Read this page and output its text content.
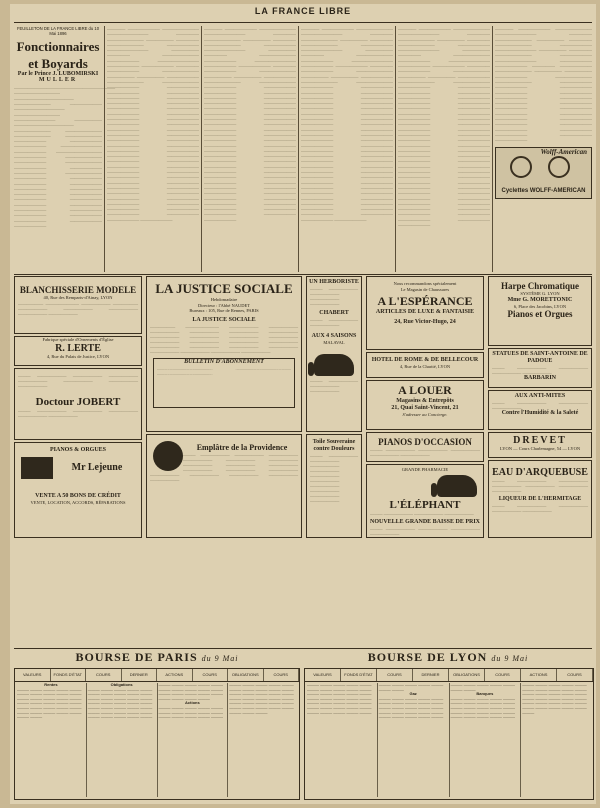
LA FRANCE LIBRE
FEUILLETON DE LA FRANCE LIBRE du 10 Mai 1896
Fonctionnaires
et Boyards
Par le Prince J. LUBOMIRSKI
MULLER
—————————————————————— —————————— ————————————— ———————— ——————— ——————————— —————————— ————————— —————— ————————————— ———————— ———————— ———————— ———————— ——————— ——————— ——————— ————————— ——————— —————————— ——————— ———————— ——————— ———————— ——————— ——————— ——————— ———————— ——————— ——————— ——————— ——————— ——————— ——————— ——————— ——————— ——————— ——————— ——————— ——————— ——————— ——————— ——————— ——————— ——————— ——————— ———————
———— ——————— ———————— ————————— ————— ———————— —————— ————— ———————— ——————— ————————— —————— ————— ———————— ——————— ————————— ——————— ——————— ————— ——————— ———————— —————— —————— ——————— ———————— ———————— ——————— ——————— ——————— ——————— ——————— ——————— ——————— ——————— ——————— ——————— ——————— ——————— ——————— ——————— ——————— ——————— ——————— ——————— ——————— ——————— ——————— ——————— ——————— ——————— ——————— ——————— ——————— ——————— ——————— ——————— ——————— ——————— ——————— ——————— ——————— ——————— ——————— ——————— ——————— ——————— ——————— ——————— ——————— ——————— ——————— ——————— ——————— ——————— ——————— ——————— ——————— ———————
———— ——————— ———————— ————————— ————— ———————— —————— ————— ———————— ——————— ————————— —————— ————— ———————— ——————— ————————— ——————— ——————— ————— ——————— ———————— —————— —————— ——————— ———————— ———————— ——————— ——————— ——————— ——————— ——————— ——————— ——————— ——————— ——————— ——————— ——————— ——————— ——————— ——————— ——————— ——————— ——————— ——————— ——————— ——————— ——————— ——————— ——————— ——————— ——————— ——————— ——————— ——————— ——————— ——————— ——————— ——————— ——————— ——————— ——————— ——————— ——————— ——————— ——————— ——————— ——————— ——————— ——————— ——————— ——————— ——————— ——————— ——————— ——————— ——————— ———————
———— ——————— ———————— ————————— ————— ———————— —————— ————— ———————— ——————— ————————— —————— ————— ———————— ——————— ————————— ——————— ——————— ————— ——————— ———————— —————— —————— ——————— ———————— ———————— ——————— ——————— ——————— ——————— ——————— ——————— ——————— ——————— ——————— ——————— ——————— ——————— ——————— ——————— ——————— ——————— ——————— ——————— ——————— ——————— ——————— ——————— ——————— ——————— ——————— ——————— ——————— ——————— ——————— ——————— ——————— ——————— ——————— ——————— ——————— ——————— ——————— ——————— ——————— ——————— ——————— ——————— ——————— ——————— ——————— ——————— ——————— ——————— ——————— ——————— ——————— ———————
———— ——————— ———————— ————————— ————— ———————— —————— ————— ———————— ——————— ————————— —————— ————— ———————— ——————— ————————— ——————— ——————— ————— ——————— ———————— —————— —————— ——————— ———————— ———————— ——————— ——————— ——————— ——————— ——————— ——————— ——————— ——————— ——————— ——————— ——————— ——————— ——————— ——————— ——————— ——————— ——————— ——————— ——————— ——————— ——————— ——————— ——————— ——————— ——————— ——————— ——————— ——————— ——————— ——————— ——————— ——————— ——————— ——————— ——————— ——————— ——————— ——————— ——————— ——————— ——————— ——————— ——————— ——————— ——————— ——————— ——————— ——————— ——————— ——————— ——————— ——————— ———————
———— ——————— ———————— ————————— ————— ———————— —————— ————— ———————— ——————— ————————— —————— ————— ———————— ——————— ————————— ——————— ——————— ————— ——————— ———————— —————— —————— ——————— ———————— ———————— ——————— ——————— ——————— ——————— ——————— ——————— ——————— ——————— ——————— ——————— ——————— ——————— ——————— ——————— ——————— ——————— ——————— ——————— ——————— ——————— ——————— ———————
Wolff-American
Cyclettes WOLFF-AMERICAN
BLANCHISSERIE MODELE
40, Rue des Remparts-d'Ainay, LYON
—————— ———————— ——————— —————— ——————— ——————— ——————— ——————— ———————
Fabrique spéciale d'Ornements d'Église
R. LERTE
4, Rue du Palais de Justice, LYON
——— ——————— ——————— ——————— ——————— ——————— ——————— ———————
Doctour JOBERT
——— ——————— ——————— ——————— ——————— ———————
PIANOS & ORGUES
Mr Lejeune
VENTE A 50 BONS DE CRÉDIT
VENTE, LOCATION, ACCORDS, RÉPARATIONS
LA JUSTICE SOCIALE
Hebdomadaire
Directeur : l'Abbé NAUDET
Bureaux : 105, Rue de Rennes, PARIS
LA JUSTICE SOCIALE
—————— ———————— ——————— ——————— ——————— ——————— ——————— ——————— ——————— ——————— ——————— ——————— ——————— ——————— ——————— ——————— ——————— ——————— ——————— ——————— ——————— ——————— ——————— ———————
BULLETIN D'ABONNEMENT
..................................................... ..................................................... .....................................................
Emplâtre de la Providence
——— ——————— ——————— ——————— ——————— ——————— ——————— ——————— ——————— ——————— ——————— ——————— ——————— ——————— ——————— ——————— ——————— ———————
UN HERBORISTE
——— ——————— ——————— ——————— ———————
CHABERT
——— ——————— ———————
AUX 4 SAISONS
MALAVAL
——— ——————— ——————— ———————
Toile Souveraine
contre Douleurs
——— ——————— ——————— ——————— ——————— ——————— ——————— ——————— ——————— ——————— ———————
Nous recommandons spécialement
Le Magasin de Chaussures
A L'ESPÉRANCE
ARTICLES DE LUXE & FANTAISIE
24, Rue Victor-Hugo, 24
HOTEL DE ROME & DE BELLECOUR
4, Rue de la Charité, LYON
A LOUER
Magasins & Entrepôts
21, Quai Saint-Vincent, 21
S'adresser au Concierge.
PIANOS D'OCCASION
——— ——————— ——————— ——————— ——————— ———————
GRANDE PHARMACIE
L'ÉLÉPHANT
——— ——————— ——————— ———————
NOUVELLE GRANDE BAISSE DE PRIX
——— ——————— ——————— ——————— ———————
Harpe Chromatique
SYSTÈME G. LYON
Mme G. MORETTONIC
6, Place des Jacobins, LYON
Pianos et Orgues
STATUES DE SAINT-ANTOINE DE PADOUE
——— ——————— ——————— ——————— ———————
BARBARIN
AUX ANTI-MITES
——— ——————— ——————— ———————
Contre l'Humidité & la Saleté
DREVET
LYON — Cours Charlemagne, 54 — LYON
EAU D'ARQUEBUSE
——— ——————— ——————— ——————— ——————— ——————— ———————
LIQUEUR DE L'HERMITAGE
——— ——————— ——————— ——————— ———————
BOURSE DE PARIS du 9 Mai	BOURSE DE LYON du 9 Mai
VALEURS	FONDS D'ÉTAT	COURS	DERNIER	ACTIONS	COURS	OBLIGATIONS	COURS
Rentes
——— ——— ——— ——— ——— ——— ——— ——— ——— ——— ——— ——— ——— ——— ——— ——— ——— ——— ——— ——— ——— ——— ——— ——— ——— ——— ——— ——— ——— ——— ——— ———
Obligations
——— ——— ——— ——— ——— ——— ——— ——— ——— ——— ——— ——— ——— ——— ——— ——— ——— ——— ——— ——— ——— ——— ——— ——— ——— ——— ——— ——— ——— ——— ——— ——— ——— ——— ——— ——— ——— ——— ——— ——— ——— ——— ——— ——— ——— ——— ——— ——— ——— ——— ——— ——— ——— ———
Actions
——— ——— ——— ——— ——— ——— ——— ——— ——— ——— ——— ——— ——— ——— ——— ——— ——— ——— ——— ——— ——— ——— ——— ——— ——— ——— ——— ——— ——— ——— ——— ——— ——— ——— ——— ——— ——— ——— ——— ——— ——— ——— ——— ——— ——— ——— ——— ———
VALEURS	FONDS D'ÉTAT	COURS	DERNIER	OBLIGATIONS	COURS	ACTIONS	COURS
——— ——— ——— ——— ——— ——— ——— ——— ——— ——— ——— ——— ——— ——— ——— ——— ——— ——— ——— ——— ——— ——— ——— ——— ——— ——— ——— ——— ——— ——— ——— ——— ——— ——— ——— ——— ——— ——— ——— ——— ——— ———
Gaz
——— ——— ——— ——— ——— ——— ——— ——— ——— ——— ——— ——— ——— ——— ——— ——— ——— ——— ——— ——— ——— ——— ——— ——— ——— ——— ——— ——— ——— ——— ——— ———
Banques
——— ——— ——— ——— ——— ——— ——— ——— ——— ——— ——— ——— ——— ——— ——— ——— ——— ——— ——— ——— ——— ——— ——— ——— ——— ——— ——— ——— ——— ——— ——— ——— ——— ——— ——— ——— ——— ——— ——— ——— ——— ——— ——— ——— ——— ——— ——— ——— ——— ——— ——— ——— ——— ——— ——— ———
